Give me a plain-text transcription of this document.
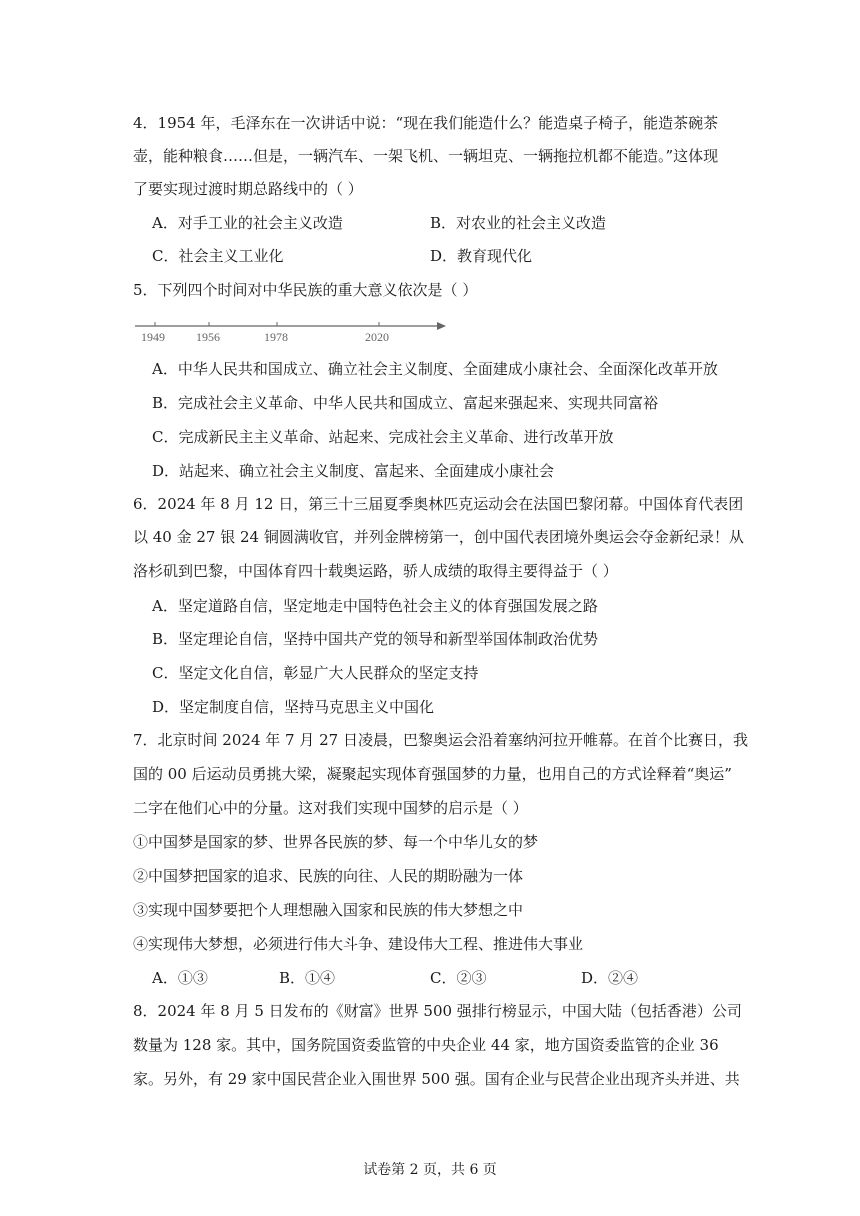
4．1954 年，毛泽东在一次讲话中说：“现在我们能造什么？能造桌子椅子，能造茶碗茶
壶，能种粮食……但是，一辆汽车、一架飞机、一辆坦克、一辆拖拉机都不能造。”这体现
了要实现过渡时期总路线中的（ ）
A．对手工业的社会主义改造	B．对农业的社会主义改造
C．社会主义工业化	D．教育现代化
5．下列四个时间对中华民族的重大意义依次是（ ）
1949	1956	1978	2020
A．中华人民共和国成立、确立社会主义制度、全面建成小康社会、全面深化改革开放
B．完成社会主义革命、中华人民共和国成立、富起来强起来、实现共同富裕
C．完成新民主主义革命、站起来、完成社会主义革命、进行改革开放
D．站起来、确立社会主义制度、富起来、全面建成小康社会
6．2024 年 8 月 12 日，第三十三届夏季奥林匹克运动会在法国巴黎闭幕。中国体育代表团
以 40 金 27 银 24 铜圆满收官，并列金牌榜第一，创中国代表团境外奥运会夺金新纪录！从
洛杉矶到巴黎，中国体育四十载奥运路，骄人成绩的取得主要得益于（ ）
A．坚定道路自信，坚定地走中国特色社会主义的体育强国发展之路
B．坚定理论自信，坚持中国共产党的领导和新型举国体制政治优势
C．坚定文化自信，彰显广大人民群众的坚定支持
D．坚定制度自信，坚持马克思主义中国化
7．北京时间 2024 年 7 月 27 日凌晨，巴黎奥运会沿着塞纳河拉开帷幕。在首个比赛日，我
国的 00 后运动员勇挑大梁，凝聚起实现体育强国梦的力量，也用自己的方式诠释着“奥运”
二字在他们心中的分量。这对我们实现中国梦的启示是（ ）
①中国梦是国家的梦、世界各民族的梦、每一个中华儿女的梦
②中国梦把国家的追求、民族的向往、人民的期盼融为一体
③实现中国梦要把个人理想融入国家和民族的伟大梦想之中
④实现伟大梦想，必须进行伟大斗争、建设伟大工程、推进伟大事业
A．①③	B．①④	C．②③	D．②④
8．2024 年 8 月 5 日发布的《财富》世界 500 强排行榜显示，中国大陆（包括香港）公司
数量为 128 家。其中，国务院国资委监管的中央企业 44 家，地方国资委监管的企业 36
家。另外，有 29 家中国民营企业入围世界 500 强。国有企业与民营企业出现齐头并进、共
试卷第 2 页，共 6 页
